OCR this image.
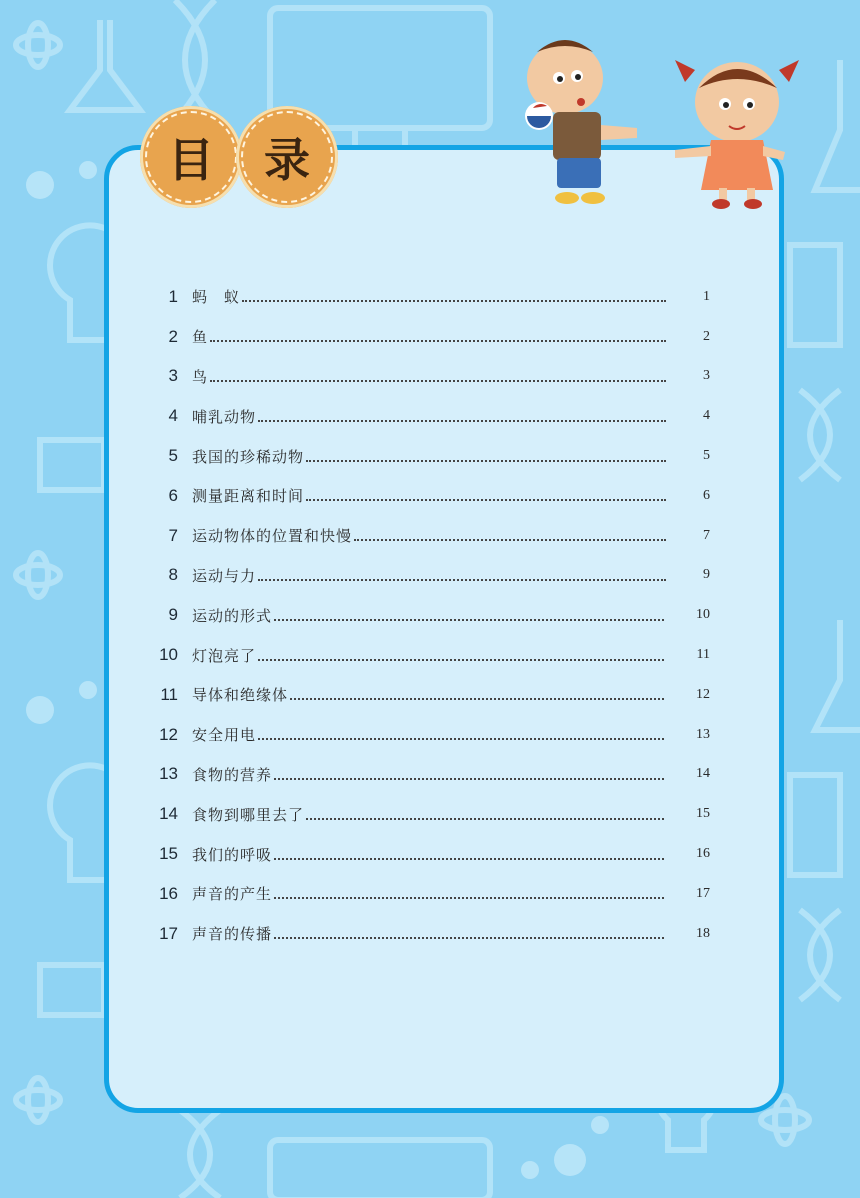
目 录
1 蚂　蚁	1
2 鱼	2
3 鸟	3
4 哺乳动物	4
5 我国的珍稀动物	5
6 测量距离和时间	6
7 运动物体的位置和快慢	7
8 运动与力	9
9 运动的形式	10
10 灯泡亮了	11
11 导体和绝缘体	12
12 安全用电	13
13 食物的营养	14
14 食物到哪里去了	15
15 我们的呼吸	16
16 声音的产生	17
17 声音的传播	18
